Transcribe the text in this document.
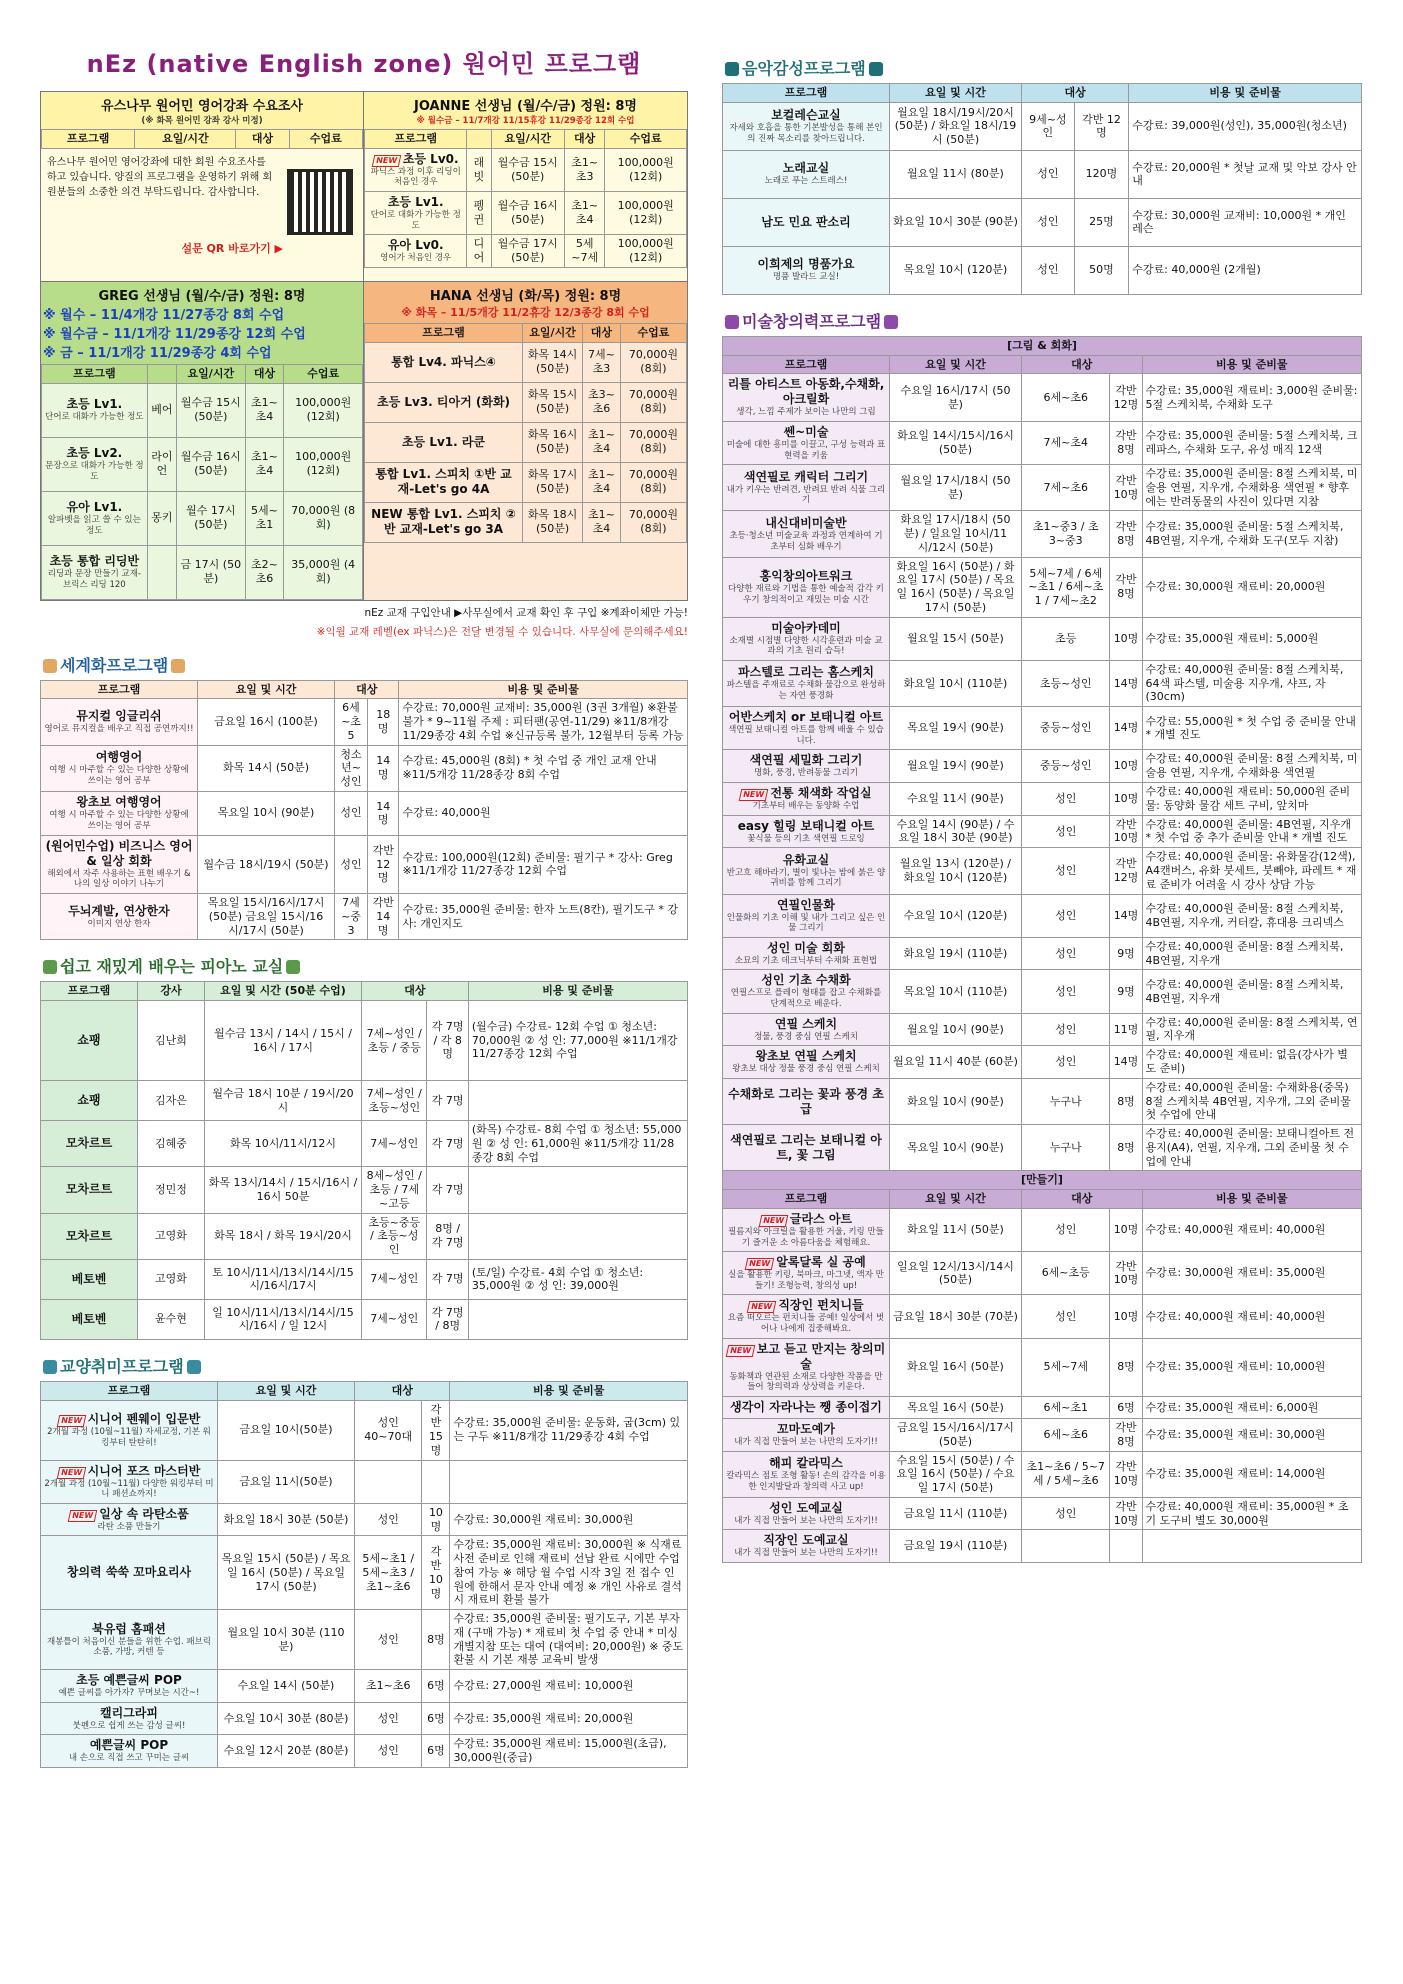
nEz (native English zone) 원어민 프로그램
유스나무 원어민 영어강좌 수요조사
(※ 화목 원어민 강좌 강사 미정)
프로그램	요일/시간	대상	수업료
유스나무 원어민 영어강좌에 대한 회원 수요조사를 하고 있습니다. 양질의 프로그램을 운영하기 위해 회원분들의 소중한 의견 부탁드립니다. 감사합니다.
설문 QR 바로가기 ▶
JOANNE 선생님 (월/수/금) 정원: 8명
※ 월수금 – 11/7개강 11/15휴강 11/29종강 12회 수업
프로그램		요일/시간	대상	수업료
NEW 초등 Lv0.
파닉스 과정 이후 리딩이 처음인 경우	래빗	월수금 15시 (50분)	초1~초3	100,000원 (12회)
초등 Lv1.
단어로 대화가 가능한 정도	펭귄	월수금 16시 (50분)	초1~초4	100,000원 (12회)
유아 Lv0.
영어가 처음인 경우	디어	월수금 17시 (50분)	5세~7세	100,000원 (12회)
GREG 선생님 (월/수/금) 정원: 8명
※ 월수 – 11/4개강 11/27종강 8회 수업
※ 월수금 – 11/1개강 11/29종강 12회 수업
※ 금 – 11/1개강 11/29종강 4회 수업
프로그램		요일/시간	대상	수업료
초등 Lv1.
단어로 대화가 가능한 정도	베어	월수금 15시 (50분)	초1~초4	100,000원 (12회)
초등 Lv2.
문장으로 대화가 가능한 정도	라이언	월수금 16시 (50분)	초1~초4	100,000원 (12회)
유아 Lv1.
알파벳을 읽고 쓸 수 있는 정도	몽키	월수 17시 (50분)	5세~초1	70,000원 (8회)
초등 통합 리딩반
리딩과 문장 만들기 교재-브릭스 리딩 120		금 17시 (50분)	초2~초6	35,000원 (4회)
HANA 선생님 (화/목) 정원: 8명
※ 화목 – 11/5개강 11/2휴강 12/3종강 8회 수업
프로그램	요일/시간	대상	수업료
통합 Lv4. 파닉스④	화목 14시 (50분)	7세~초3	70,000원 (8회)
초등 Lv3. 티아거 (화화)	화목 15시 (50분)	초3~초6	70,000원 (8회)
초등 Lv1. 라쿤	화목 16시 (50분)	초1~초4	70,000원 (8회)
통합 Lv1. 스피치 ①반 교재-Let's go 4A	화목 17시 (50분)	초1~초4	70,000원 (8회)
NEW 통합 Lv1. 스피치 ②반 교재-Let's go 3A	화목 18시 (50분)	초1~초4	70,000원 (8회)
nEz 교재 구입안내 ▶사무실에서 교재 확인 후 구입 ※계좌이체만 가능!
※익월 교재 레벨(ex 파닉스)은 전달 변경될 수 있습니다. 사무실에 문의해주세요!
세계화프로그램
프로그램	요일 및 시간	대상		비용 및 준비물
뮤지컬 잉글리쉬
영어로 뮤지컬을 배우고 직접 공연까지!!	금요일 16시 (100분)	6세~초5	18명	수강료: 70,000원 교재비: 35,000원 (3권 3개월) ※환불 불가 * 9~11월 주제 : 피터팬(공연-11/29) ※11/8개강 11/29종강 4회 수업 ※신규등록 불가, 12월부터 등록 가능
여행영어
여행 시 마주할 수 있는 다양한 상황에 쓰이는 영어 공부	화목 14시 (50분)	청소년~성인	14명	수강료: 45,000원 (8회) * 첫 수업 중 개인 교재 안내 ※11/5개강 11/28종강 8회 수업
왕초보 여행영어
여행 시 마주할 수 있는 다양한 상황에 쓰이는 영어 공부	목요일 10시 (90분)	성인	14명	수강료: 40,000원
(원어민수업) 비즈니스 영어 & 일상 회화
해외에서 자주 사용하는 표현 배우기 & 나의 일상 이야기 나누기	월수금 18시/19시 (50분)	성인	각반 12명	수강료: 100,000원(12회) 준비물: 필기구 * 강사: Greg ※11/1개강 11/27종강 12회 수업
두뇌계발, 연상한자
이미지 연상 한자	목요일 15시/16시/17시 (50분) 금요일 15시/16시/17시 (50분)	7세~중3	각반 14명	수강료: 35,000원 준비물: 한자 노트(8칸), 필기도구 * 강사: 개인지도
쉽고 재밌게 배우는 피아노 교실
프로그램	강사	요일 및 시간 (50분 수업)	대상		비용 및 준비물
쇼팽	김난희	월수금 13시 / 14시 / 15시 / 16시 / 17시	7세~성인 / 초등 / 중등	각 7명 / 각 8명	(월수금) 수강료- 12회 수업 ① 청소년: 70,000원 ② 성 인: 77,000원 ※11/1개강 11/27종강 12회 수업
쇼팽	김자은	월수금 18시 10분 / 19시/20시	7세~성인 / 초등~성인	각 7명	
모차르트	김혜중	화목 10시/11시/12시	7세~성인	각 7명	(화목) 수강료- 8회 수업 ① 청소년: 55,000원 ② 성 인: 61,000원 ※11/5개강 11/28종강 8회 수업
모차르트	정민정	화목 13시/14시 / 15시/16시 / 16시 50분	8세~성인 / 초등 / 7세~고등	각 7명	
모차르트	고영화	화목 18시 / 화목 19시/20시	초등~중등 / 초등~성인	8명 / 각 7명	
베토벤	고영화	토 10시/11시/13시/14시/15시/16시/17시	7세~성인	각 7명	(토/일) 수강료- 4회 수업 ① 청소년: 35,000원 ② 성 인: 39,000원
베토벤	윤수현	일 10시/11시/13시/14시/15시/16시 / 일 12시	7세~성인	각 7명 / 8명	
교양취미프로그램
프로그램	요일 및 시간	대상		비용 및 준비물
NEW 시니어 펜웨이 입문반
2개월 과정 (10월~11월) 자세교정, 기본 워킹부터 탄탄히!	금요일 10시(50분)	성인 40~70대	각반 15명	수강료: 35,000원 준비물: 운동화, 굽(3cm) 있는 구두 ※11/8개강 11/29종강 4회 수업
NEW 시니어 포즈 마스터반
2개월 과정 (10월~11월) 다양한 워킹부터 미니 패션쇼까지!	금요일 11시(50분)			
NEW 일상 속 라탄소품
라탄 소품 만들기	화요일 18시 30분 (50분)	성인	10명	수강료: 30,000원 재료비: 30,000원
창의력 쑥쑥 꼬마요리사	목요일 15시 (50분) / 목요일 16시 (50분) / 목요일 17시 (50분)	5세~초1 / 5세~초3 / 초1~초6	각반 10명	수강료: 35,000원 재료비: 30,000원 ※ 식재료 사전 준비로 인해 재료비 선납 완료 시에만 수업 참여 가능 ※ 해당 월 수업 시작 3일 전 접수 인원에 한해서 문자 안내 예정 ※ 개인 사유로 결석 시 재료비 환불 불가
북유럽 홈패션
재봉틀이 처음이신 분들을 위한 수업. 패브릭소품, 가방, 커텐 등	월요일 10시 30분 (110분)	성인	8명	수강료: 35,000원 준비물: 필기도구, 기본 부자재 (구매 가능) * 재료비 첫 수업 중 안내 * 미싱 개별지참 또는 대여 (대여비: 20,000원) ※ 중도 환불 시 기본 재봉 교육비 발생
초등 예쁜글씨 POP
예쁜 글씨를 아가자? 꾸며보는 시간~!	수요일 14시 (50분)	초1~초6	6명	수강료: 27,000원 재료비: 10,000원
캘리그라피
붓펜으로 쉽게 쓰는 감성 글씨!	수요일 10시 30분 (80분)	성인	6명	수강료: 35,000원 재료비: 20,000원
예쁜글씨 POP
내 손으로 직접 쓰고 꾸미는 글씨	수요일 12시 20분 (80분)	성인	6명	수강료: 35,000원 재료비: 15,000원(초급), 30,000원(중급)
음악감성프로그램
프로그램	요일 및 시간	대상		비용 및 준비물
보컬레슨교실
자세와 호흡을 통한 기본발성을 통해 본인의 진짜 목소리를 찾아드립니다.	월요일 18시/19시/20시 (50분) / 화요일 18시/19시 (50분)	9세~성인	각반 12명	수강료: 39,000원(성인), 35,000원(청소년)
노래교실
노래로 푸는 스트레스!	월요일 11시 (80분)	성인	120명	수강료: 20,000원 * 첫날 교재 및 악보 강사 안내
남도 민요 판소리	화요일 10시 30분 (90분)	성인	25명	수강료: 30,000원 교재비: 10,000원 * 개인 레슨
이희제의 명품가요
명품 발라드 교실!	목요일 10시 (120분)	성인	50명	수강료: 40,000원 (2개월)
미술창의력프로그램
[그림 & 회화]				
프로그램	요일 및 시간	대상		비용 및 준비물
리틀 아티스트 아동화,수채화,아크릴화
생각, 느낌 주제가 보이는 나만의 그림	수요일 16시/17시 (50분)	6세~초6	각반 12명	수강료: 35,000원 재료비: 3,000원 준비물: 5절 스케치북, 수채화 도구
쎈~미술
미술에 대한 흥미를 이끌고, 구성 능력과 표현력을 키움	화요일 14시/15시/16시 (50분)	7세~초4	각반 8명	수강료: 35,000원 준비물: 5절 스케치북, 크레파스, 수채화 도구, 유성 매직 12색
색연필로 캐릭터 그리기
내가 키우는 반려견, 반려묘 반려 식물 그리기	월요일 17시/18시 (50분)	7세~초6	각반 10명	수강료: 35,000원 준비물: 8절 스케치북, 미술용 연필, 지우개, 수채화용 색연필 * 향후에는 반려동물의 사진이 있다면 지참
내신대비미술반
초등·청소년 미술교육 과정과 연계하여 기초부터 심화 배우기	화요일 17시/18시 (50분) / 일요일 10시/11시/12시 (50분)	초1~중3 / 초3~중3	각반 8명	수강료: 35,000원 준비물: 5절 스케치북, 4B연필, 지우개, 수채화 도구(모두 지참)
홍익창의아트워크
다양한 재료와 기법을 통한 예술적 감각 키우기 창의적이고 재밌는 미술 시간	화요일 16시 (50분) / 화요일 17시 (50분) / 목요일 16시 (50분) / 목요일 17시 (50분)	5세~7세 / 6세~초1 / 6세~초1 / 7세~초2	각반 8명	수강료: 30,000원 재료비: 20,000원
미술아카데미
소재별 시점별 다양한 시각훈련과 미술 교과의 기초 원리 습득!	월요일 15시 (50분)	초등	10명	수강료: 35,000원 재료비: 5,000원
파스텔로 그리는 홈스케치
파스텔을 주재료로 수채화 물감으로 완성하는 자연 풍경화	화요일 10시 (110분)	초등~성인	14명	수강료: 40,000원 준비물: 8절 스케치북, 64색 파스텔, 미술용 지우개, 샤프, 자(30cm)
어반스케치 or 보태니컬 아트
색연필 보태니컬 아트를 함께 배울 수 있습니다.	목요일 19시 (90분)	중등~성인	14명	수강료: 55,000원 * 첫 수업 중 준비물 안내 * 개별 진도
색연필 세밀화 그리기
명화, 풍경, 반려동물 그리기	월요일 19시 (90분)	중등~성인	10명	수강료: 40,000원 준비물: 8절 스케치북, 미술용 연필, 지우개, 수채화용 색연필
NEW 전통 채색화 작업실
기초부터 배우는 동양화 수업	수요일 11시 (90분)	성인	10명	수강료: 40,000원 재료비: 50,000원 준비물: 동양화 물감 세트 구비, 앞치마
easy 힐링 보태니컬 아트
꽃식물 등의 기초 색연필 드로잉	수요일 14시 (90분) / 수요일 18시 30분 (90분)	성인	각반 10명	수강료: 40,000원 준비물: 4B연필, 지우개 * 첫 수업 중 추가 준비물 안내 * 개별 진도
유화교실
반고흐 해바라기, 별이 빛나는 밤에 붉은 양귀비를 함께 그리기	월요일 13시 (120분) / 화요일 10시 (120분)	성인	각반 12명	수강료: 40,000원 준비물: 유화물감(12색), A4캔버스, 유화 붓세트, 붓빼야, 파레트 * 재료 준비가 어려울 시 강사 상담 가능
연필인물화
인물화의 기초 이해 및 내가 그리고 싶은 인물 그리기	수요일 10시 (120분)	성인	14명	수강료: 40,000원 준비물: 8절 스케치북, 4B연필, 지우개, 커터칼, 휴대용 크리넥스
성인 미술 회화
소묘의 기초 데크닉부터 수채화 표현법	화요일 19시 (110분)	성인	9명	수강료: 40,000원 준비물: 8절 스케치북, 4B연필, 지우개
성인 기초 수채화
연필스프로 플레이 형태를 잡고 수채화를 단계적으로 배운다.	목요일 10시 (110분)	성인	9명	수강료: 40,000원 준비물: 8절 스케치북, 4B연필, 지우개
연필 스케치
정물, 풍경 중심 연필 스케치	월요일 10시 (90분)	성인	11명	수강료: 40,000원 준비물: 8절 스케치북, 연필, 지우개
왕초보 연필 스케치
왕초보 대상 정물 풍경 중심 연필 스케치	월요일 11시 40분 (60분)	성인	14명	수강료: 40,000원 재료비: 없음(강사가 별도 준비)
수채화로 그리는 꽃과 풍경 초급	화요일 10시 (90분)	누구나	8명	수강료: 40,000원 준비물: 수채화용(중목) 8절 스케치북 4B연필, 지우개, 그외 준비물 첫 수업에 안내
색연필로 그리는 보태니컬 아트, 꽃 그림	목요일 10시 (90분)	누구나	8명	수강료: 40,000원 준비물: 보태니컬아트 전용지(A4), 연필, 지우개, 그외 준비물 첫 수업에 안내
[만들기]				
프로그램	요일 및 시간	대상		비용 및 준비물
NEW 글라스 아트
필름지와 아크릴을 활용한 거울, 키링 만들기 즐거운 소 아름다움을 체험해요.	화요일 11시 (50분)	성인	10명	수강료: 40,000원 재료비: 40,000원
NEW 알록달록 실 공예
실을 활용한 키링, 북마크, 마그넷, 액자 만들기! 조형능력, 창의성 up!	일요일 12시/13시/14시 (50분)	6세~초등	각반 10명	수강료: 30,000원 재료비: 35,000원
NEW 직장인 펀치니들
요즘 떠오르는 펀치니들 공예! 일상에서 벗어나 나에게 집중해봐요.	금요일 18시 30분 (70분)	성인	10명	수강료: 40,000원 재료비: 40,000원
NEW 보고 듣고 만지는 창의미술
동화책과 연관된 소재로 다양한 작품을 만들어 창의력과 상상력을 키운다.	화요일 16시 (50분)	5세~7세	8명	수강료: 35,000원 재료비: 10,000원
생각이 자라나는 쨍 종이접기	목요일 16시 (50분)	6세~초1	6명	수강료: 35,000원 재료비: 6,000원
꼬마도예가
내가 직접 만들어 보는 나만의 도자기!!	금요일 15시/16시/17시 (50분)	6세~초6	각반 8명	수강료: 35,000원 재료비: 30,000원
해피 칼라믹스
칼라믹스 점토 조형 활동! 손의 감각을 이용한 인지발달과 창의력 사고 up!	수요일 15시 (50분) / 수요일 16시 (50분) / 수요일 17시 (50분)	초1~초6 / 5~7세 / 5세~초6	각반 10명	수강료: 35,000원 재료비: 14,000원
성인 도예교실
내가 직접 만들어 보는 나만의 도자기!!	금요일 11시 (110분)	성인	각반 10명	수강료: 40,000원 재료비: 35,000원 * 초기 도구비 별도 30,000원
직장인 도예교실
내가 직접 만들어 보는 나만의 도자기!!	금요일 19시 (110분)			
